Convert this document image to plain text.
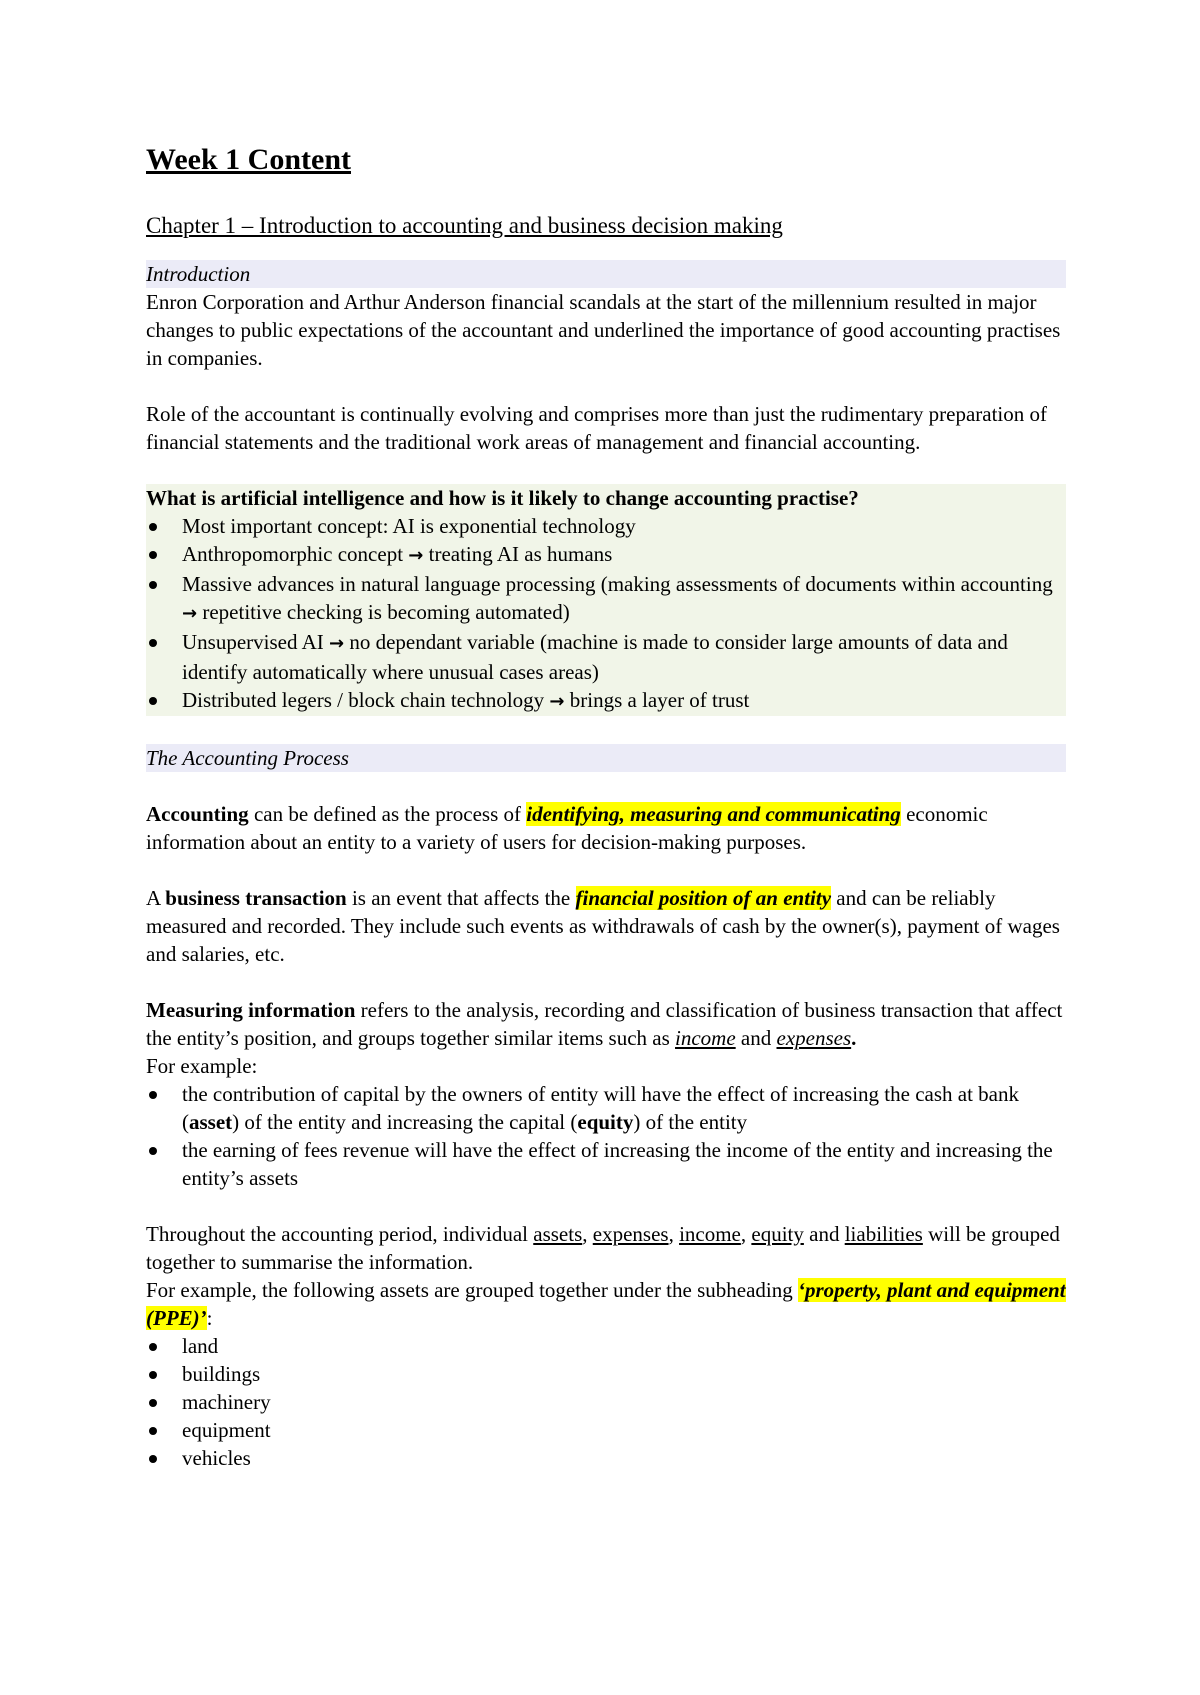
Week 1 Content
Chapter 1 – Introduction to accounting and business decision making
Introduction

Enron Corporation and Arthur Anderson financial scandals at the start of the millennium resulted in major changes to public expectations of the accountant and underlined the importance of good accounting practises in companies.

Role of the accountant is continually evolving and comprises more than just the rudimentary preparation of financial statements and the traditional work areas of management and financial accounting.

What is artificial intelligence and how is it likely to change accounting practise?

Most important concept: AI is exponential technology
Anthropomorphic concept → treating AI as humans
Massive advances in natural language processing (making assessments of documents within accounting → repetitive checking is becoming automated)
Unsupervised AI → no dependant variable (machine is made to consider large amounts of data and identify automatically where unusual cases areas)
Distributed legers / block chain technology → brings a layer of trust
The Accounting Process

Accounting can be defined as the process of identifying, measuring and communicating economic information about an entity to a variety of users for decision-making purposes.

A business transaction is an event that affects the financial position of an entity and can be reliably measured and recorded. They include such events as withdrawals of cash by the owner(s), payment of wages and salaries, etc.

Measuring information refers to the analysis, recording and classification of business transaction that affect the entity’s position, and groups together similar items such as income and expenses.

For example:

the contribution of capital by the owners of entity will have the effect of increasing the cash at bank (asset) of the entity and increasing the capital (equity) of the entity
the earning of fees revenue will have the effect of increasing the income of the entity and increasing the entity’s assets

Throughout the accounting period, individual assets, expenses, income, equity and liabilities will be grouped together to summarise the information.

For example, the following assets are grouped together under the subheading ‘property, plant and equipment (PPE)’:

land
buildings
machinery
equipment
vehicles
